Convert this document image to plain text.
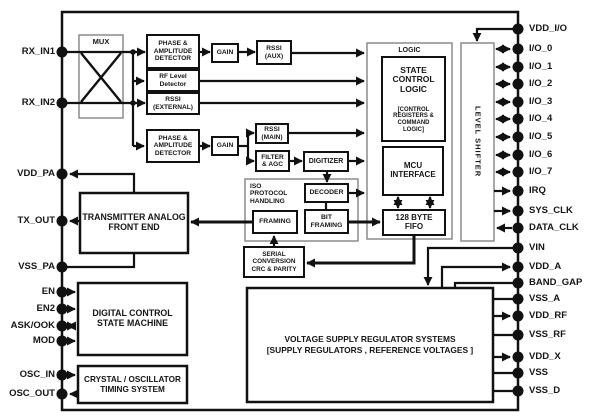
MUX	PHASE &
AMPLITUDE
DETECTOR
GAIN
RSSI
(AUX)
RF Level
Detector
RSSI
(EXTERNAL)
PHASE &
AMPLITUDE
DETECTOR
GAIN
RSSI
(MAIN)
FILTER
& AGC	DIGITIZER
LOGIC
STATE
CONTROL
LOGIC
[CONTROL
REGISTERS &
COMMAND
LOGIC]	LEVEL SHIFTER
MCU
INTERFACE
128 BYTE
FIFO
ISO
PROTOCOL
HANDLING
DECODER
BIT
FRAMING
FRAMING
SERIAL
CONVERSION
CRC & PARITY
TRANSMITTER ANALOG
FRONT END
DIGITAL CONTROL
STATE MACHINE
CRYSTAL / OSCILLATOR
TIMING SYSTEM
VOLTAGE SUPPLY REGULATOR SYSTEMS
[SUPPLY REGULATORS , REFERENCE VOLTAGES ]
RX_IN1
RX_IN2
VDD_PA
TX_OUT
VSS_PA
EN
EN2
ASK/OOK
MOD
OSC_IN
OSC_OUT
VDD_I/O
I/O_0
I/O_1
I/O_2
I/O_3
I/O_4
I/O_5
I/O_6
I/O_7
IRQ
SYS_CLK
DATA_CLK
VIN
VDD_A
BAND_GAP
VSS_A
VDD_RF
VSS_RF
VDD_X
VSS
VSS_D
